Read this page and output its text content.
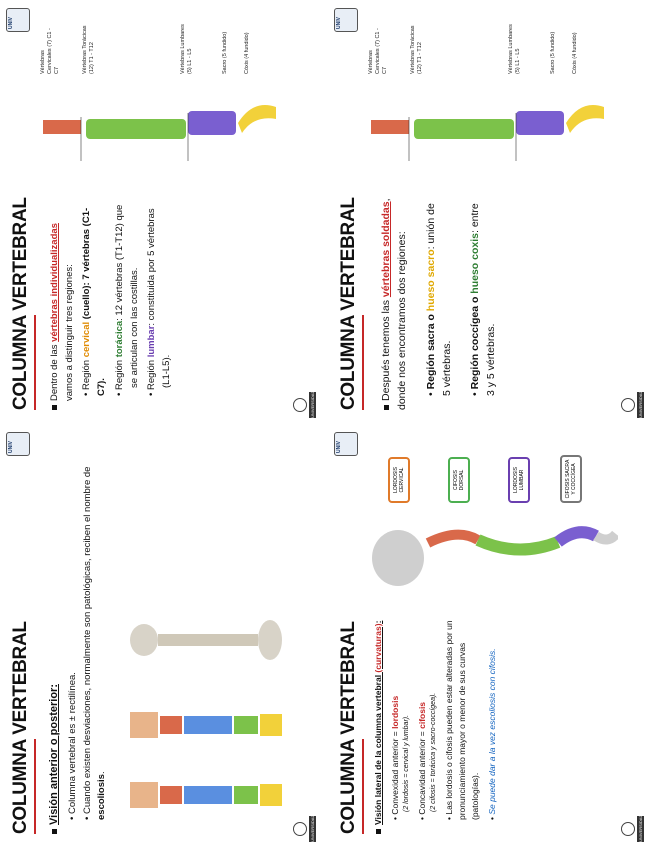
COLUMNA VERTEBRAL
UNIV
Dentro de las vértebras individualizadas vamos a distinguir tres regiones: • Región cervical (cuello): 7 vértebras (C1-C7). • Región torácica: 12 vértebras (T1-T12) que
se articulan con las costillas.
• Región lumbar: constituida por 5 vértebras
(L1-L5).
Vértebras Cervicales (7) C1 - C7	Vértebras Torácicas (12) T1 - T12	Vértebras Lumbares (5) L1 - L5	Sacro (5 fundido)	Cóxis (4 fundido)
UNIVERSIDAD COLUMNA VERTEBRAL
UNIV
Después tenemos las vértebras soldadas, donde nos encontramos dos regiones: • Región sacra o hueso sacro: unión de 5 vértebras. • Región coccígea o hueso coxis: entre 3 y 5 vértebras.
Vértebras Cervicales (7) C1 - C7	Vértebras Torácicas (12) T1 - T12	Vértebras Lumbares (5) L1 - L5	Sacro (5 fundido)	Cóxis (4 fundido)
UNIVERSIDAD
COLUMNA VERTEBRAL
UNIV
Visión anterior o posterior: • Columna vertebral es ± rectilínea.
• Cuando existen desviaciones, normalmente son patológicas, reciben el nombre de escoliosis.
UNIVERSIDAD COLUMNA VERTEBRAL
UNIV
Visión lateral de la columna vertebral (curvaturas):
• Convexidad anterior = lordosis
(2 lordosis = cervical y lumbar).
• Concavidad anterior = cifosis (2 cifosis = torácica y sacro-coccígea).
• Las lordosis o cifosis pueden estar alteradas por un pronunciamiento mayor o menor de sus curvas (patologías). • Se puede dar a la vez escoliosis con cifosis.
LORDOSIS CERVICAL	CIFOSIS DORSAL	LORDOSIS LUMBAR	CIFOSIS SACRA Y COCCÍGEA
UNIVERSIDAD
